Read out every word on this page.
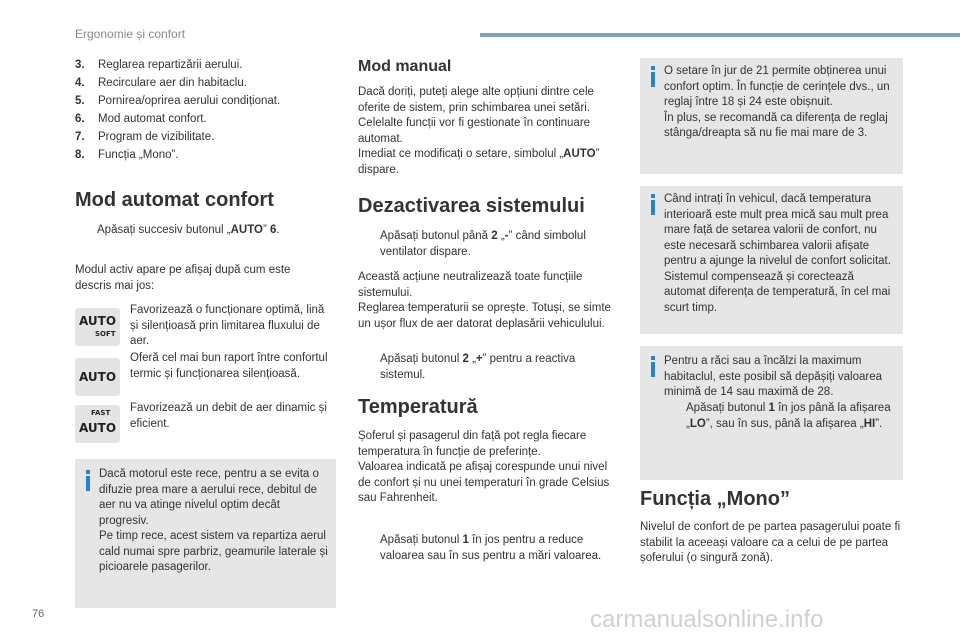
Ergonomie și confort
3.	Reglarea repartizării aerului.
4.	Recirculare aer din habitaclu.
5.	Pornirea/oprirea aerului condiționat.
6.	Mod automat confort.
7.	Program de vizibilitate.
8.	Funcția „Mono”.
Mod automat confort
Apăsați succesiv butonul „AUTO” 6.
Modul activ apare pe afișaj după cum este descris mai jos:
AUTO
SOFT
Favorizează o funcționare optimă, lină și silențioasă prin limitarea fluxului de aer.
AUTO
Oferă cel mai bun raport între confortul termic și funcționarea silențioasă.
FAST
AUTO
Favorizează un debit de aer dinamic și eficient.
Dacă motorul este rece, pentru a se evita o difuzie prea mare a aerului rece, debitul de aer nu va atinge nivelul optim decât progresiv.
Pe timp rece, acest sistem va repartiza aerul cald numai spre parbriz, geamurile laterale și picioarele pasagerilor.
Mod manual
Dacă doriți, puteți alege alte opțiuni dintre cele oferite de sistem, prin schimbarea unei setări. Celelalte funcții vor fi gestionate în continuare automat.
Imediat ce modificați o setare, simbolul „AUTO” dispare.
Dezactivarea sistemului
Apăsați butonul până 2 „-” când simbolul ventilator dispare.
Această acțiune neutralizează toate funcțiile sistemului.
Reglarea temperaturii se oprește. Totuși, se simte un ușor flux de aer datorat deplasării vehiculului.
Apăsați butonul 2 „+” pentru a reactiva sistemul.
Temperatură
Șoferul și pasagerul din față pot regla fiecare temperatura în funcție de preferințe.
Valoarea indicată pe afișaj corespunde unui nivel de confort și nu unei temperaturi în grade Celsius sau Fahrenheit.
Apăsați butonul 1 în jos pentru a reduce valoarea sau în sus pentru a mări valoarea.
O setare în jur de 21 permite obținerea unui confort optim. În funcție de cerințele dvs., un reglaj între 18 și 24 este obișnuit.
În plus, se recomandă ca diferența de reglaj stânga/dreapta să nu fie mai mare de 3.
Când intrați în vehicul, dacă temperatura interioară este mult prea mică sau mult prea mare față de setarea valorii de confort, nu este necesară schimbarea valorii afișate pentru a ajunge la nivelul de confort solicitat. Sistemul compensează și corectează automat diferența de temperatură, în cel mai scurt timp.
Pentru a răci sau a încălzi la maximum habitaclul, este posibil să depășiți valoarea minimă de 14 sau maximă de 28.
Apăsați butonul 1 în jos până la afișarea „LO”, sau în sus, până la afișarea „HI”.
Funcția „Mono”
Nivelul de confort de pe partea pasagerului poate fi stabilit la aceeași valoare ca a celui de pe partea șoferului (o singură zonă).
76	carmanualsonline.info
